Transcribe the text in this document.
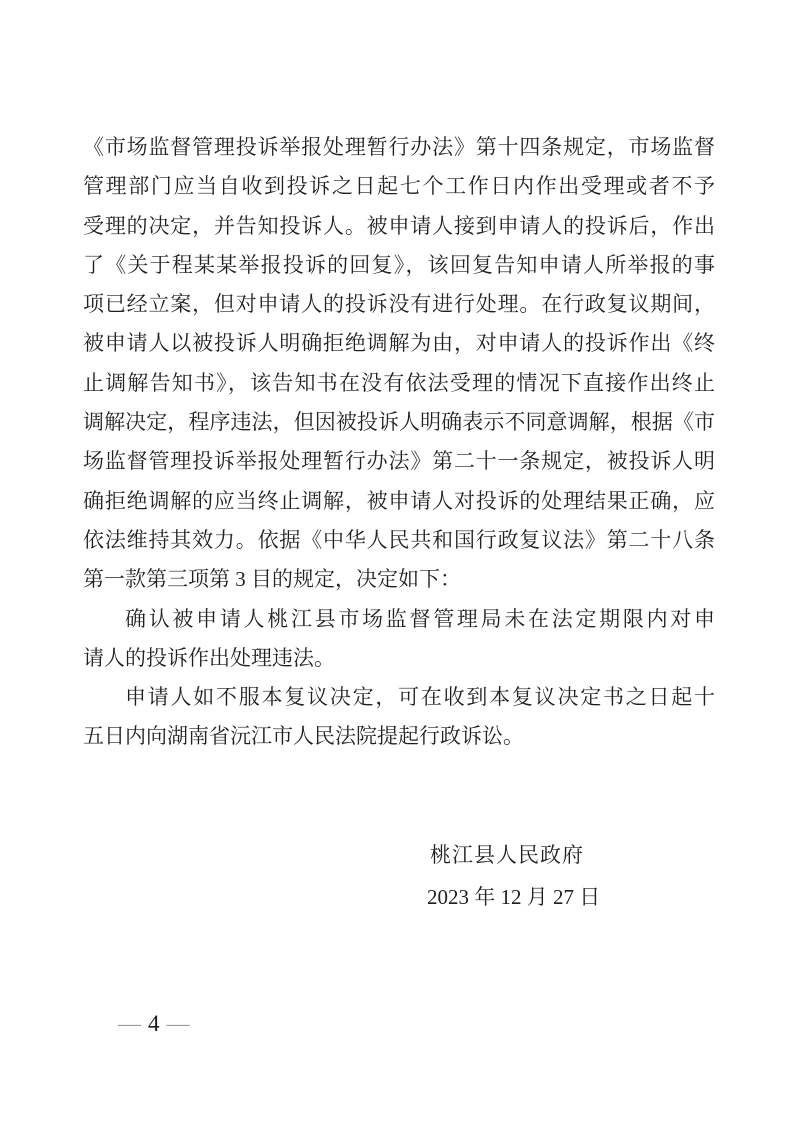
《市场监督管理投诉举报处理暂行办法》第十四条规定，市场监督
管理部门应当自收到投诉之日起七个工作日内作出受理或者不予
受理的决定，并告知投诉人。被申请人接到申请人的投诉后，作出
了《关于程某某举报投诉的回复》，该回复告知申请人所举报的事
项已经立案，但对申请人的投诉没有进行处理。在行政复议期间，
被申请人以被投诉人明确拒绝调解为由，对申请人的投诉作出《终
止调解告知书》，该告知书在没有依法受理的情况下直接作出终止
调解决定，程序违法，但因被投诉人明确表示不同意调解，根据《市
场监督管理投诉举报处理暂行办法》第二十一条规定，被投诉人明
确拒绝调解的应当终止调解，被申请人对投诉的处理结果正确，应
依法维持其效力。依据《中华人民共和国行政复议法》第二十八条
第一款第三项第 3 目的规定，决定如下：
确认被申请人桃江县市场监督管理局未在法定期限内对申
请人的投诉作出处理违法。
申请人如不服本复议决定，可在收到本复议决定书之日起十
五日内向湖南省沅江市人民法院提起行政诉讼。
桃江县人民政府
2023 年 12 月 27 日
— 4 —
